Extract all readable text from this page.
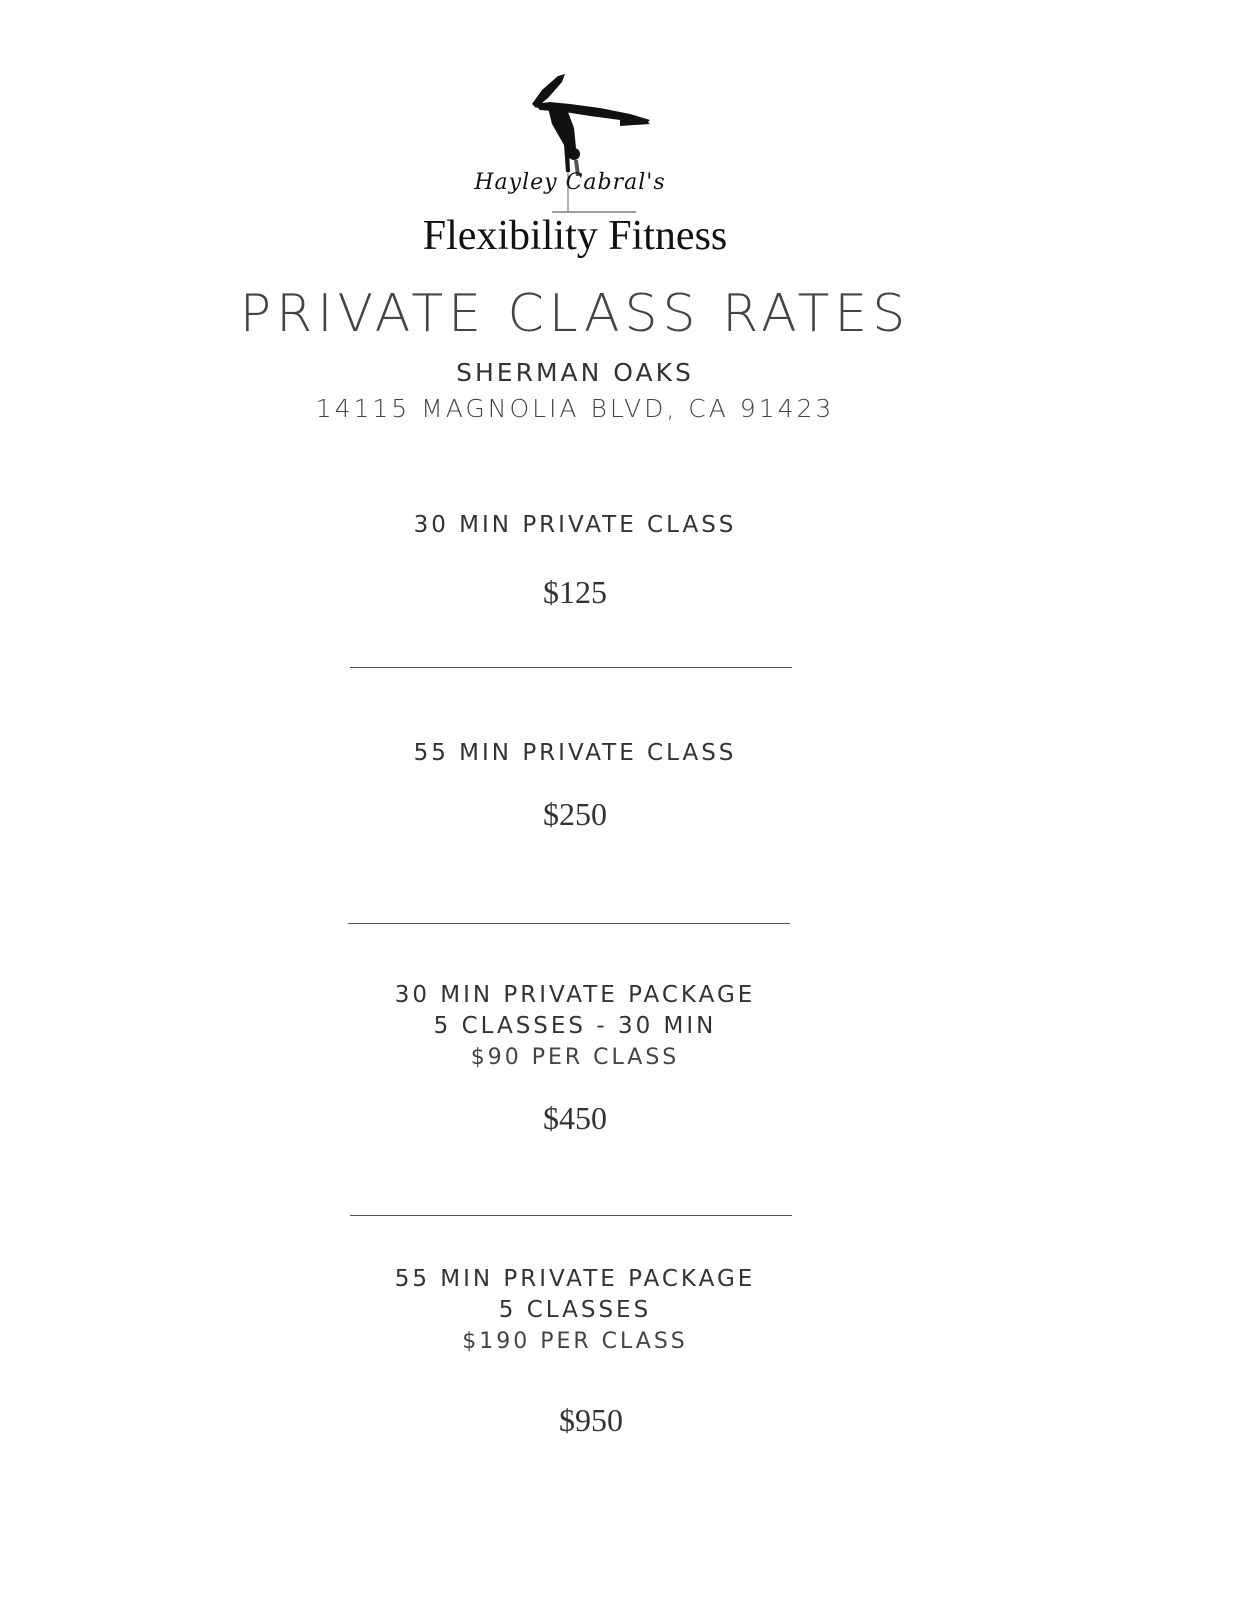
Hayley Cabral's
Flexibility Fitness
PRIVATE CLASS RATES
SHERMAN OAKS
14115 MAGNOLIA BLVD, CA 91423
30 MIN PRIVATE CLASS
$125
55 MIN PRIVATE CLASS
$250
30 MIN PRIVATE PACKAGE
5 CLASSES - 30 MIN
$90 PER CLASS
$450
55 MIN PRIVATE PACKAGE
5 CLASSES
$190 PER CLASS
$950
